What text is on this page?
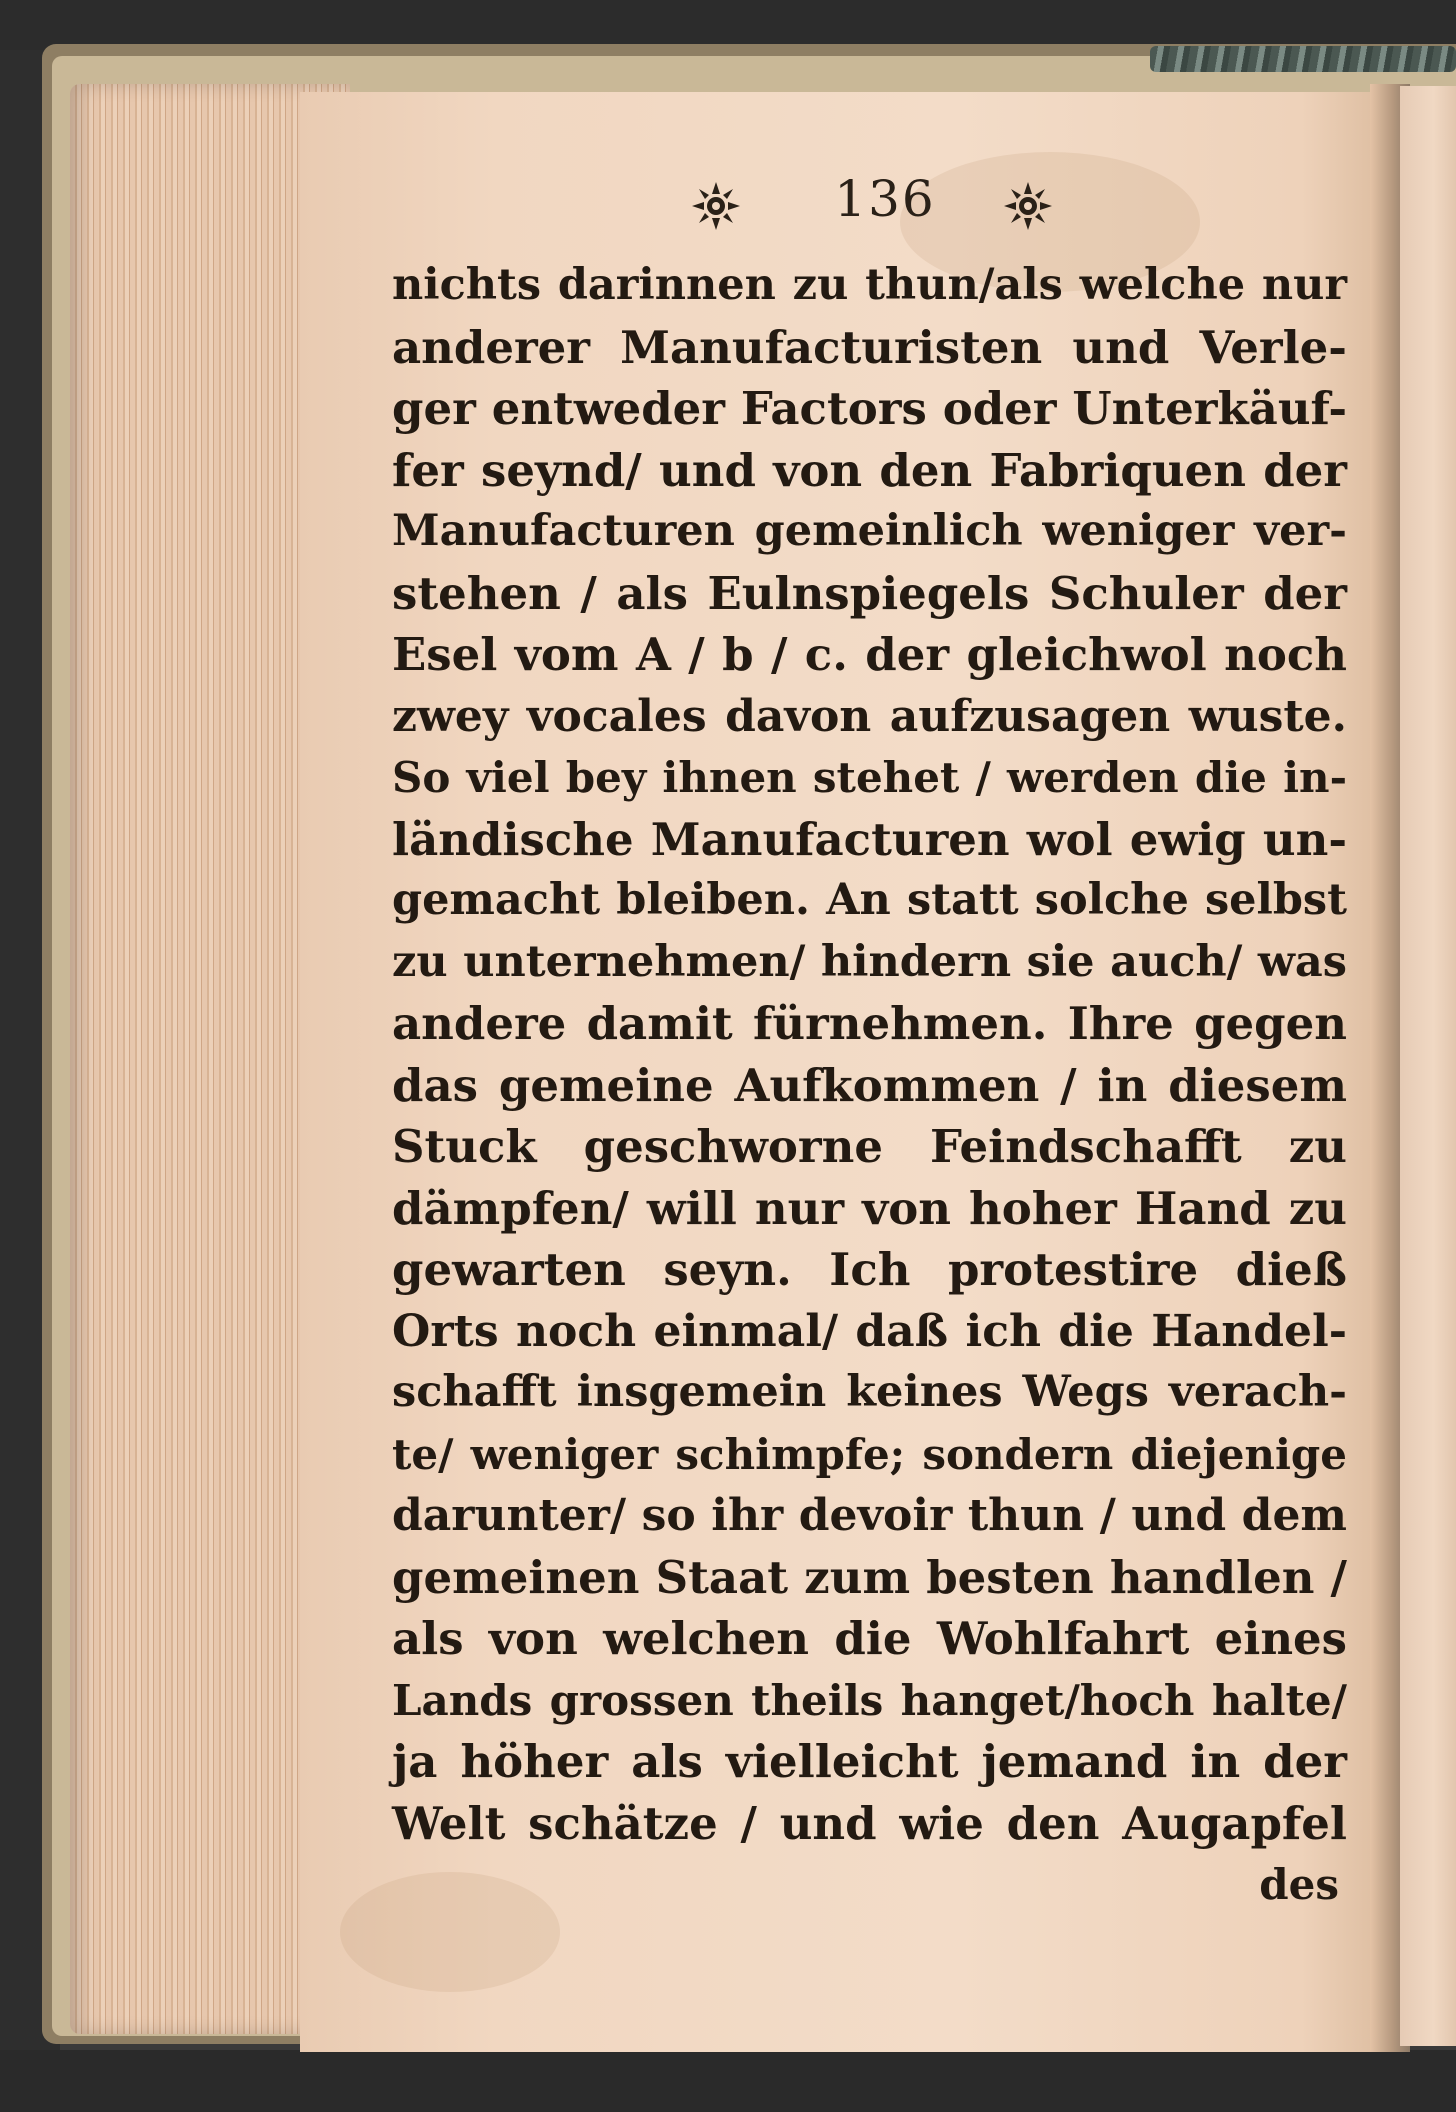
136
nichts darinnen zu thun/als welche nur
anderer Manufacturisten und Verle-
ger entweder Factors oder Unterkäuf-
fer seynd/ und von den Fabriquen der
Manufacturen gemeinlich weniger ver-
stehen / als Eulnspiegels Schuler der
Esel vom A / b / c. der gleichwol noch
zwey vocales davon aufzusagen wuste.
So viel bey ihnen stehet / werden die in-
ländische Manufacturen wol ewig un-
gemacht bleiben. An statt solche selbst
zu unternehmen/ hindern sie auch/ was
andere damit fürnehmen. Ihre gegen
das gemeine Aufkommen / in diesem
Stuck geschworne Feindschafft zu
dämpfen/ will nur von hoher Hand zu
gewarten seyn. Ich protestire dieß
Orts noch einmal/ daß ich die Handel-
schafft insgemein keines Wegs verach-
te/ weniger schimpfe; sondern diejenige
darunter/ so ihr devoir thun / und dem
gemeinen Staat zum besten handlen /
als von welchen die Wohlfahrt eines
Lands grossen theils hanget/hoch halte/
ja höher als vielleicht jemand in der
Welt schätze / und wie den Augapfel
des
